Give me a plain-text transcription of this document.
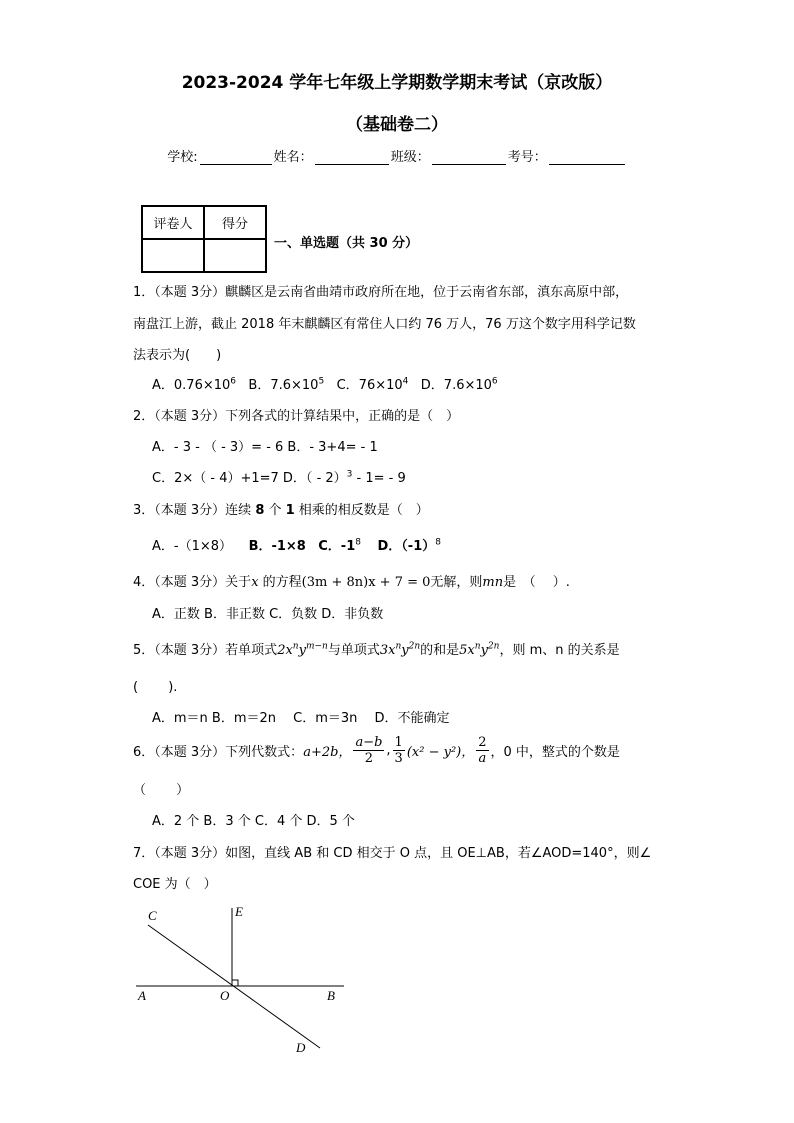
2023-2024 学年七年级上学期数学期末考试（京改版）
（基础卷二）
学校:	姓名：	班级：	考号：
评卷人	得分

一、单选题（共 30 分）
1．（本题 3分）麒麟区是云南省曲靖市政府所在地，位于云南省东部，滇东高原中部，
南盘江上游，截止 2018 年末麒麟区有常住人口约 76 万人，76 万这个数字用科学记数
法表示为(　　)
A．$0.76\times 10^6$ B．$7.6\times 10^5$ C．$76\times 10^4$ D．$7.6\times 10^6$
2．（本题 3分）下列各式的计算结果中，正确的是（　）
A．- 3 - （ - 3）= - 6 B．- 3+4= - 1
C．2×（ - 4）+1=7 D．（ - 2）$^3$ - 1= - 9
3．（本题 3分）连续 8 个 1 相乘的相反数是（　）
A．-（1×8） B．-1×8 C．$-1^8$ D．$(-1)^8$
4．（本题 3分）关于x 的方程(3m + 8n)x + 7 = 0无解，则mn是　（　 ）.
A．正数 B．非正数 C．负数 D．非负数
5．（本题 3分）若单项式$2x^ny^{m-n}$与单项式$3x^ny^{2n}$的和是$5x^ny^{2n}$，则 m、n 的关系是
(　　 ).
A．m＝n B．m＝2n　 C．m＝3n　 D．不能确定
6．（本题 3分）下列代数式： a+2b， $\frac{a-b}{2}$ , $\frac{1}{3} (x^2 - y^2)$， $\frac{2}{a}$ ，0 中，整式的个数是
（　　 ）
A．2 个 B．3 个 C．4 个 D．5 个
7．（本题 3分）如图，直线 AB 和 CD 相交于 O 点，且 OE⊥AB，若∠AOD=140°，则∠
COE 为（　）
C	E
A	O	B
D
